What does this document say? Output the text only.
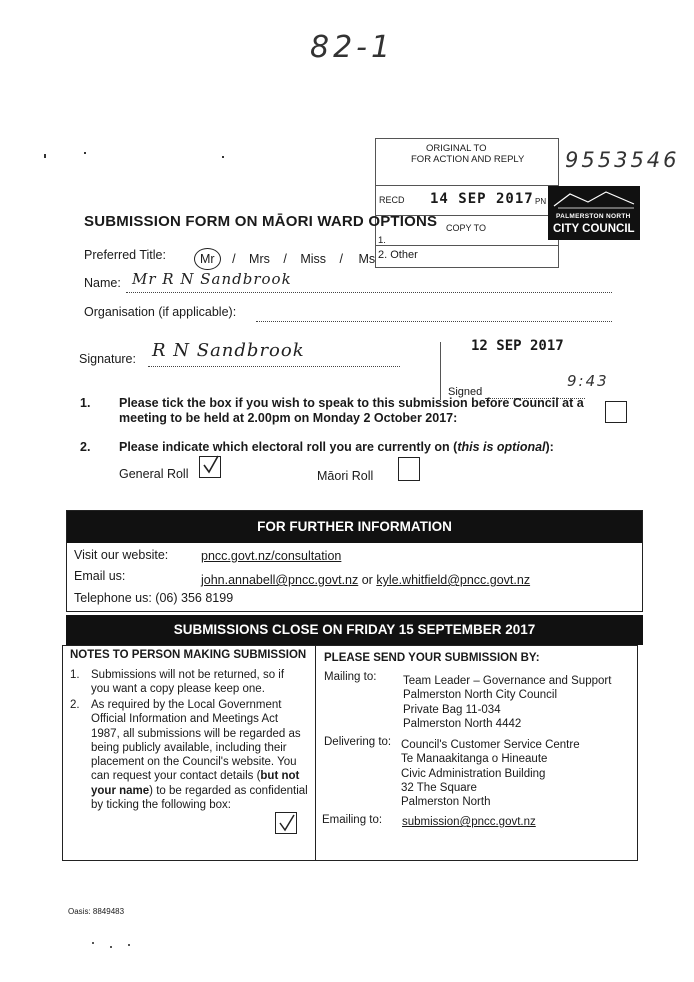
82-1
9553546
ORIGINAL TO
FOR ACTION AND REPLY
RECD 14 SEP 2017 PN
COPY TO
1.
2. Other
PALMERSTON NORTH
CITY COUNCIL
SUBMISSION FORM ON MĀORI WARD OPTIONS
Preferred Title:	Mr / Mrs / Miss / Ms
Name: Mr R N Sandbrook
Organisation (if applicable):
Signature: R N Sandbrook	12 SEP 2017
Signed
9:43
1. Please tick the box if you wish to speak to this submission before Council at a meeting to be held at 2.00pm on Monday 2 October 2017:
2. Please indicate which electoral roll you are currently on (this is optional):
General Roll	Māori Roll
FOR FURTHER INFORMATION
Visit our website:	pncc.govt.nz/consultation
Email us:	john.annabell@pncc.govt.nz or kyle.whitfield@pncc.govt.nz
Telephone us: (06) 356 8199
SUBMISSIONS CLOSE ON FRIDAY 15 SEPTEMBER 2017
NOTES TO PERSON MAKING SUBMISSION
1. Submissions will not be returned, so if you want a copy please keep one.
2. As required by the Local Government Official Information and Meetings Act 1987, all submissions will be regarded as being publicly available, including their placement on the Council's website. You can request your contact details (but not your name) to be regarded as confidential by ticking the following box:
PLEASE SEND YOUR SUBMISSION BY:
Mailing to: Team Leader – Governance and Support
Palmerston North City Council
Private Bag 11-034
Palmerston North 4442
Delivering to: Council's Customer Service Centre
Te Manaakitanga o Hineaute
Civic Administration Building
32 The Square
Palmerston North
Emailing to: submission@pncc.govt.nz
Oasis: 8849483
